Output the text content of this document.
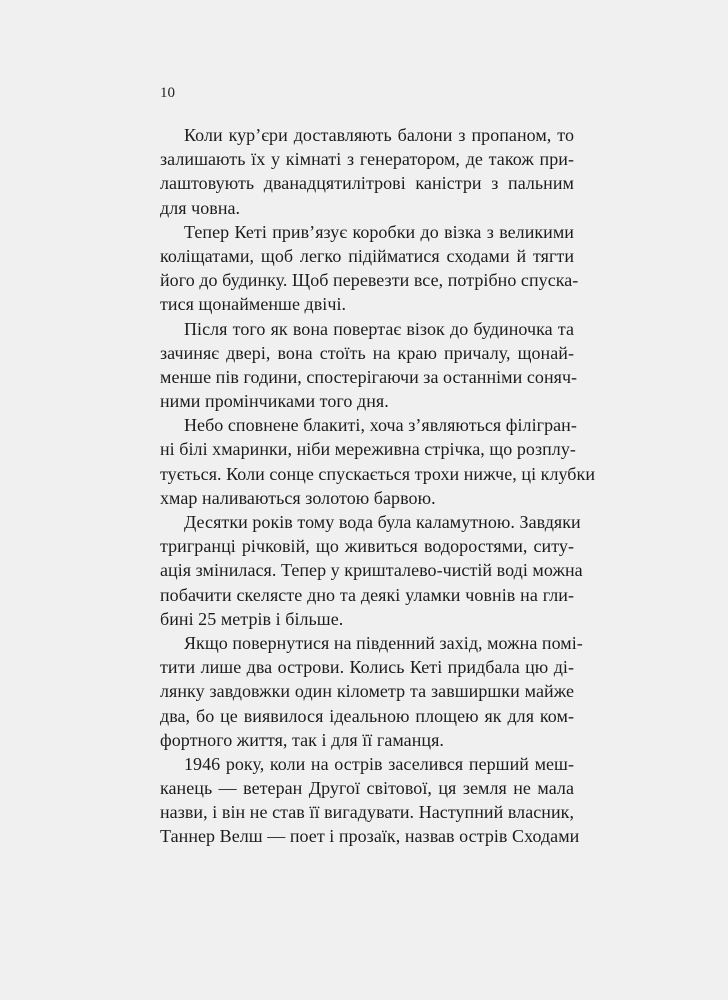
10
Коли кур’єри доставляють балони з пропаном, то
залишають їх у кімнаті з генератором, де також при-
лаштовують дванадцятилітрові каністри з пальним
для човна.
Тепер Кеті прив’язує коробки до візка з великими
коліщатами, щоб легко підійматися сходами й тягти
його до будинку. Щоб перевезти все, потрібно спуска-
тися щонайменше двічі.
Після того як вона повертає візок до будиночка та
зачиняє двері, вона стоїть на краю причалу, щонай-
менше пів години, спостерігаючи за останніми соняч-
ними промінчиками того дня.
Небо сповнене блакиті, хоча з’являються філігран-
ні білі хмаринки, ніби мереживна стрічка, що розплу-
тується. Коли сонце спускається трохи нижче, ці клубки
хмар наливаються золотою барвою.
Десятки років тому вода була каламутною. Завдяки
тригранці річковій, що живиться водоростями, ситу-
ація змінилася. Тепер у кришталево-чистій воді можна
побачити скелясте дно та деякі уламки човнів на гли-
бині 25 метрів і більше.
Якщо повернутися на південний захід, можна помі-
тити лише два острови. Колись Кеті придбала цю ді-
лянку завдовжки один кілометр та завширшки майже
два, бо це виявилося ідеальною площею як для ком-
фортного життя, так і для її гаманця.
1946 року, коли на острів заселився перший меш-
канець — ветеран Другої світової, ця земля не мала
назви, і він не став її вигадувати. Наступний власник,
Таннер Велш — поет і прозаїк, назвав острів Сходами
